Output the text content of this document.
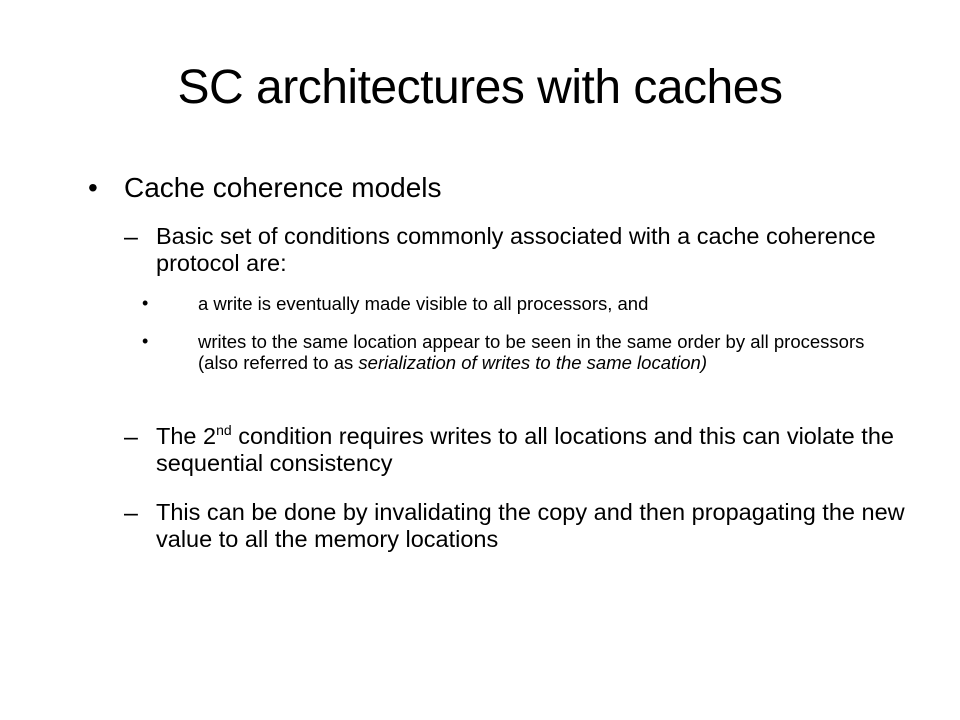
SC architectures with caches
• Cache coherence models
– Basic set of conditions commonly associated with a cache coherence protocol are:
•	a write is eventually made visible to all processors, and
•	writes to the same location appear to be seen in the same order by all processors (also referred to as serialization of writes to the same location)
– The 2nd condition requires writes to all locations and this can violate the sequential consistency
– This can be done by invalidating the copy and then propagating the new value to all the memory locations
